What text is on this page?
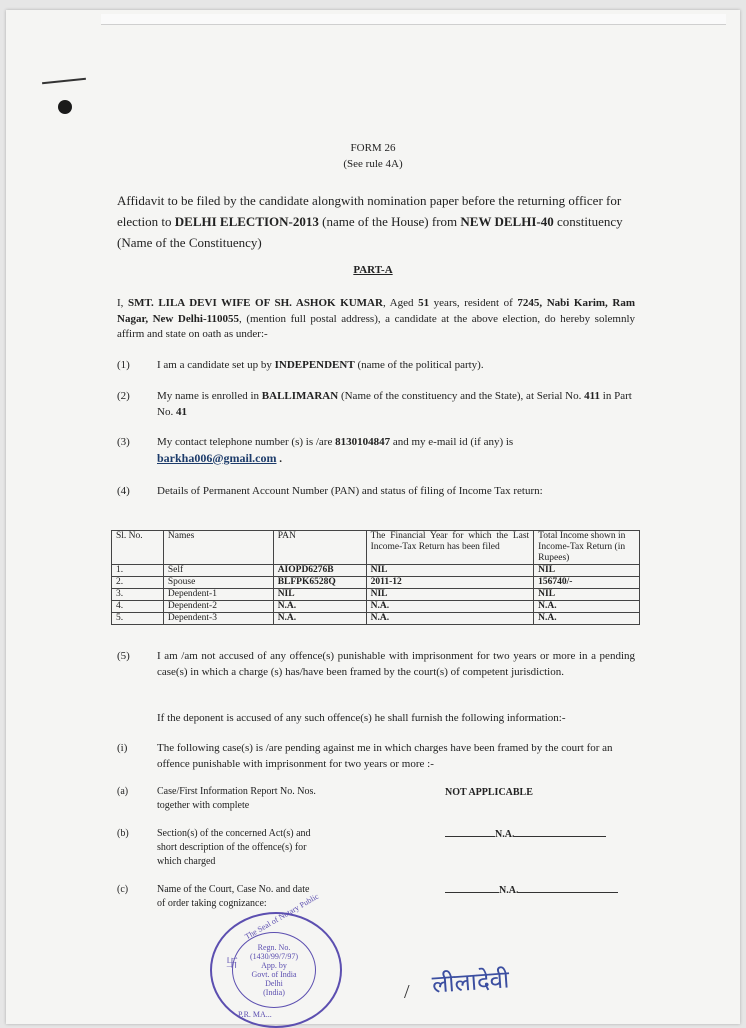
FORM 26
(See rule 4A)
Affidavit to be filed by the candidate alongwith nomination paper before the returning officer for election to DELHI ELECTION-2013 (name of the House) from NEW DELHI-40 constituency (Name of the Constituency)
PART-A
I, SMT. LILA DEVI WIFE OF SH. ASHOK KUMAR, Aged 51 years, resident of 7245, Nabi Karim, Ram Nagar, New Delhi-110055, (mention full postal address), a candidate at the above election, do hereby solemnly affirm and state on oath as under:-
(1) I am a candidate set up by INDEPENDENT (name of the political party).
(2) My name is enrolled in BALLIMARAN (Name of the constituency and the State), at Serial No. 411 in Part No. 41
(3) My contact telephone number (s) is /are 8130104847 and my e-mail id (if any) is
barkha006@gmail.com .
(4) Details of Permanent Account Number (PAN) and status of filing of Income Tax return:
Sl. No.	Names	PAN	The Financial Year for which the Last Income-Tax Return has been filed	Total Income shown in Income-Tax Return (in Rupees)
1.	Self	AIOPD6276B	NIL	NIL
2.	Spouse	BLFPK6528Q	2011-12	156740/-
3.	Dependent-1	NIL	NIL	NIL
4.	Dependent-2	N.A.	N.A.	N.A.
5.	Dependent-3	N.A.	N.A.	N.A.
(5) I am /am not accused of any offence(s) punishable with imprisonment for two years or more in a pending case(s) in which a charge (s) has/have been framed by the court(s) of competent jurisdiction.
If the deponent is accused of any such offence(s) he shall furnish the following information:-
(i)	The following case(s) is /are pending against me in which charges have been framed by the court for an offence punishable with imprisonment for two years or more :-
(a)	Case/First Information Report No. Nos. together with complete
NOT APPLICABLE
(b)	Section(s) of the concerned Act(s) and short description of the offence(s) for which charged
N.A.
(c)	Name of the Court, Case No. and date of order taking cognizance:
N.A.
The Seal of Notary Public
卐
Regn. No.
(1430/99/7/97)
App. by
Govt. of India
Delhi
(India)
P.R. MA...
/ लीलादेवी
